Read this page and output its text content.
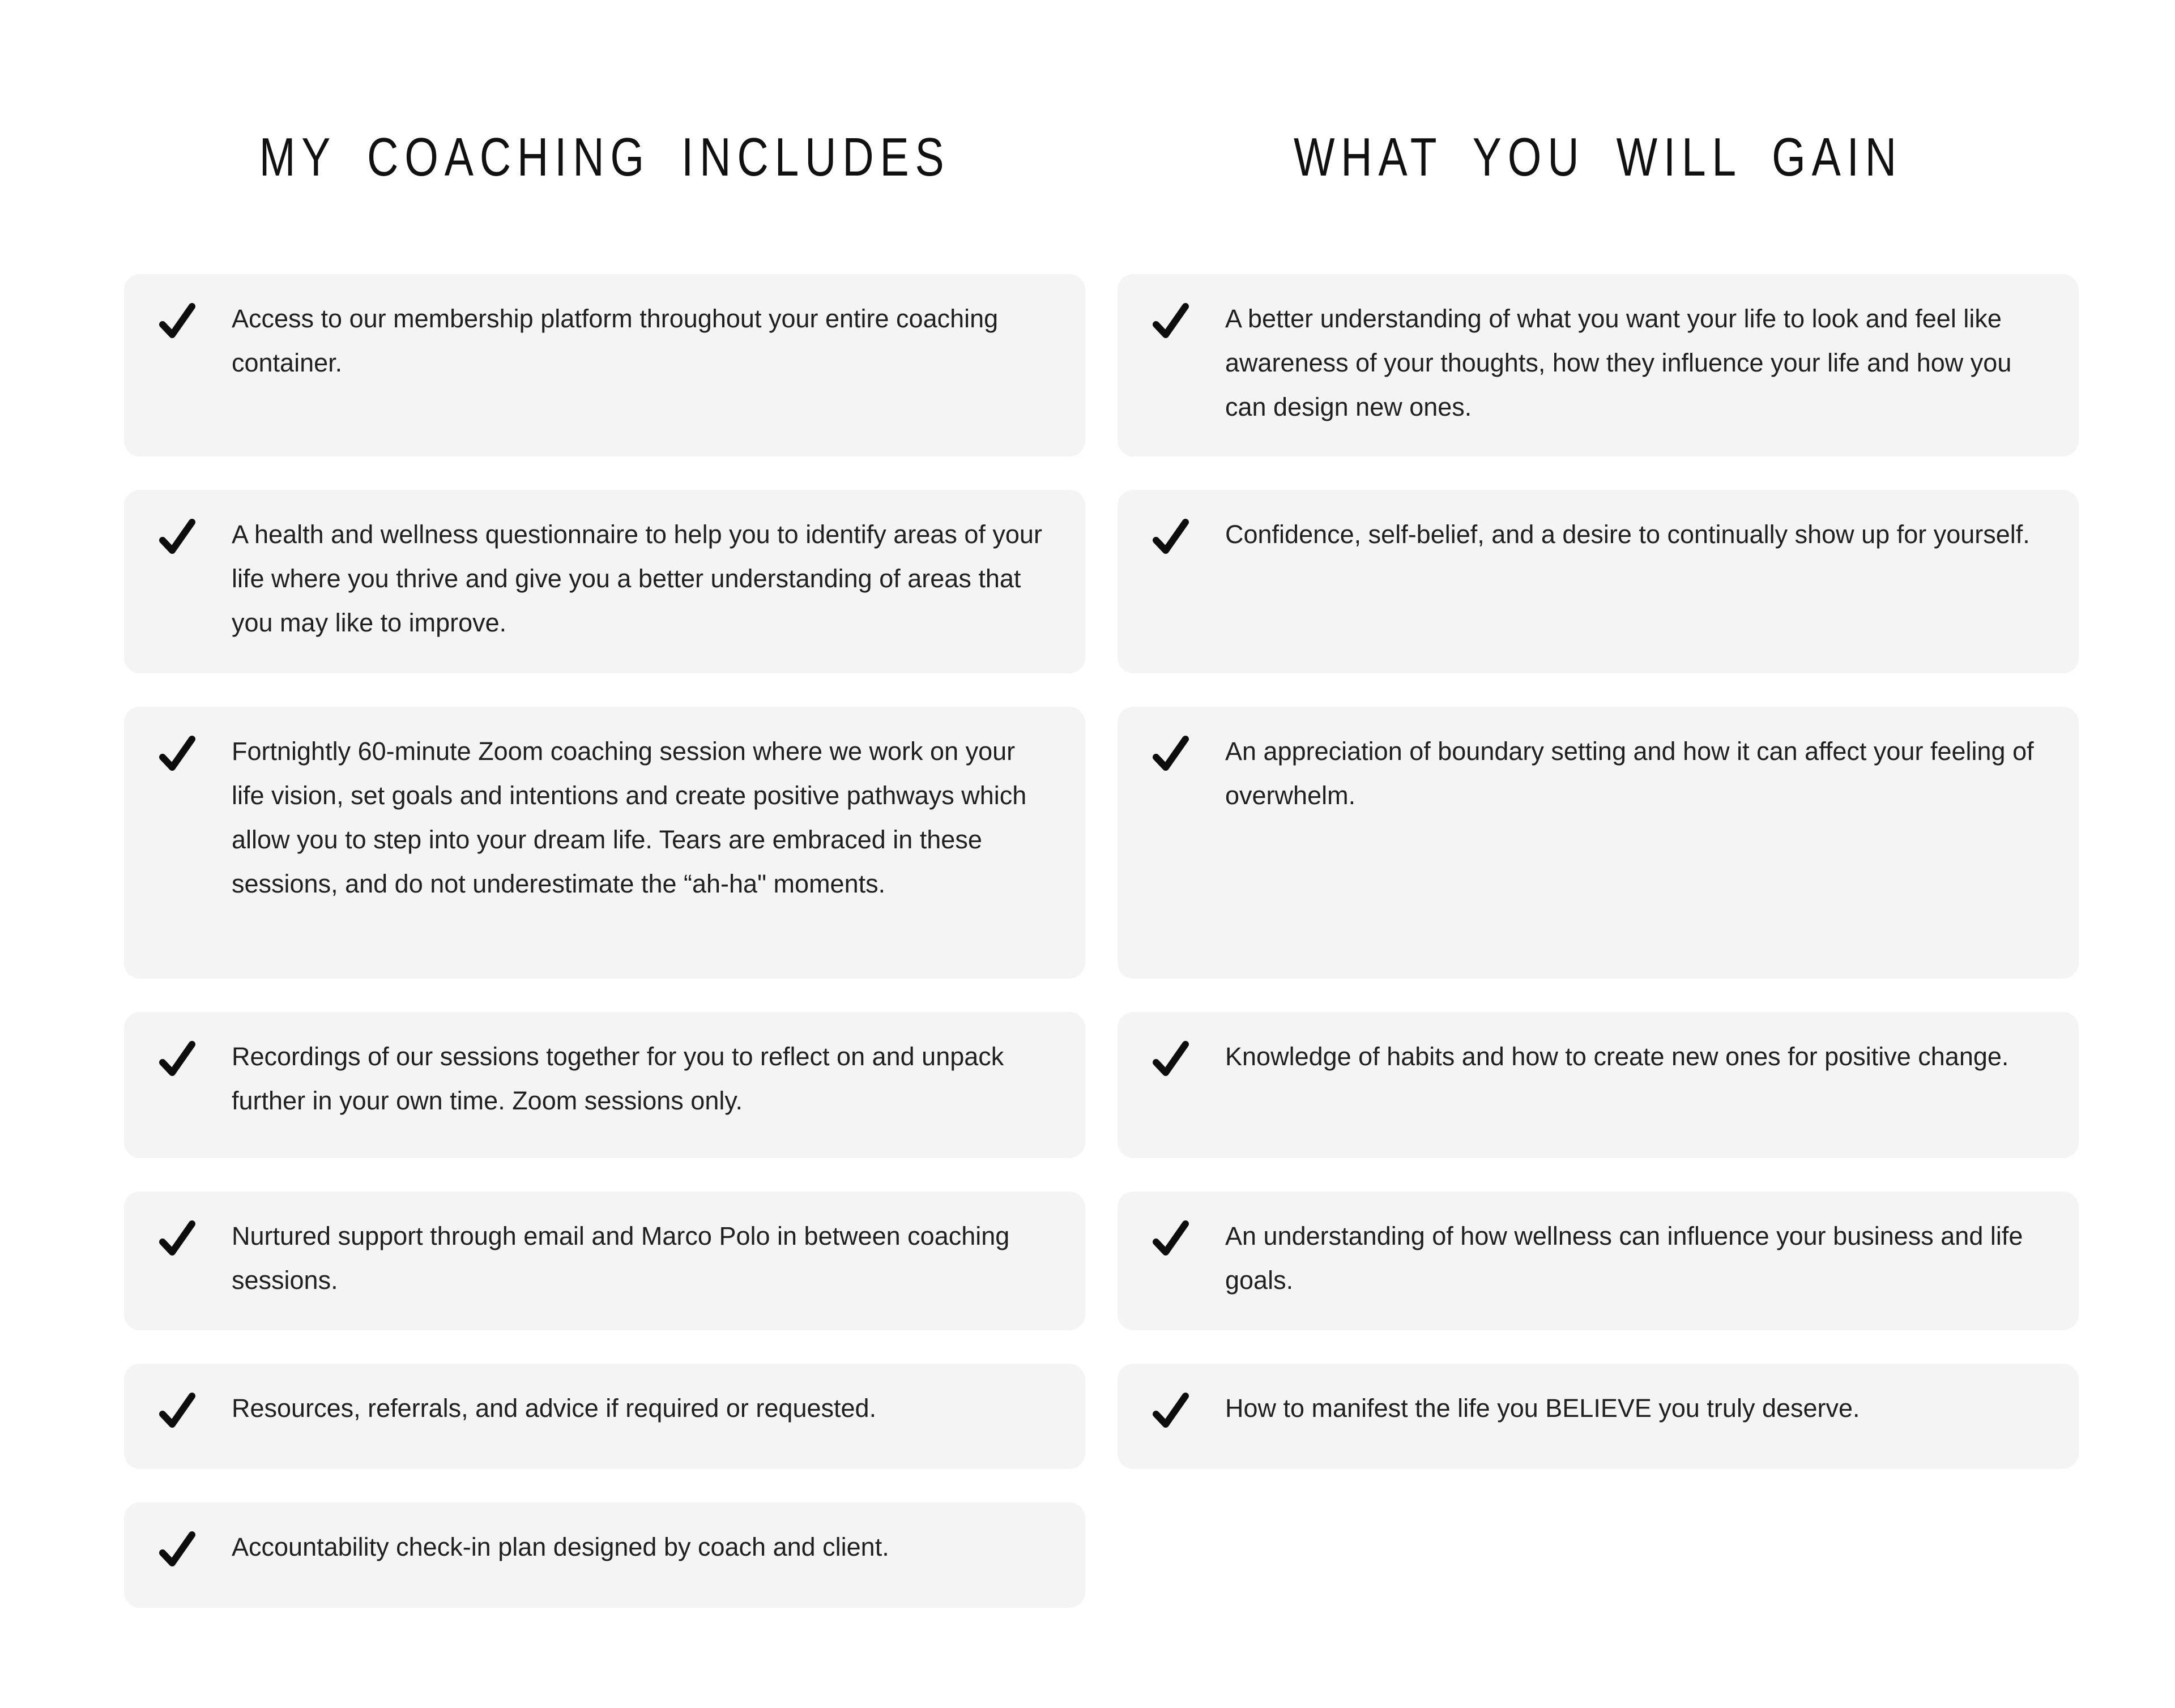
MY COACHING INCLUDES	WHAT YOU WILL GAIN

Access to our membership platform throughout your entire coaching container.

A health and wellness questionnaire to help you to identify areas of your life where you thrive and give you a better understanding of areas that you may like to improve.

Fortnightly 60-minute Zoom coaching session where we work on your life vision, set goals and intentions and create positive pathways which allow you to step into your dream life. Tears are embraced in these sessions, and do not underestimate the “ah-ha" moments.

Recordings of our sessions together for you to reflect on and unpack further in your own time. Zoom sessions only.

Nurtured support through email and Marco Polo in between coaching sessions.

Resources, referrals, and advice if required or requested.

Accountability check-in plan designed by coach and client.

A better understanding of what you want your life to look and feel like awareness of your thoughts, how they influence your life and how you can design new ones.

Confidence, self-belief, and a desire to continually show up for yourself.

An appreciation of boundary setting and how it can affect your feeling of overwhelm.

Knowledge of habits and how to create new ones for positive change.

An understanding of how wellness can influence your business and life goals.

How to manifest the life you BELIEVE you truly deserve.
